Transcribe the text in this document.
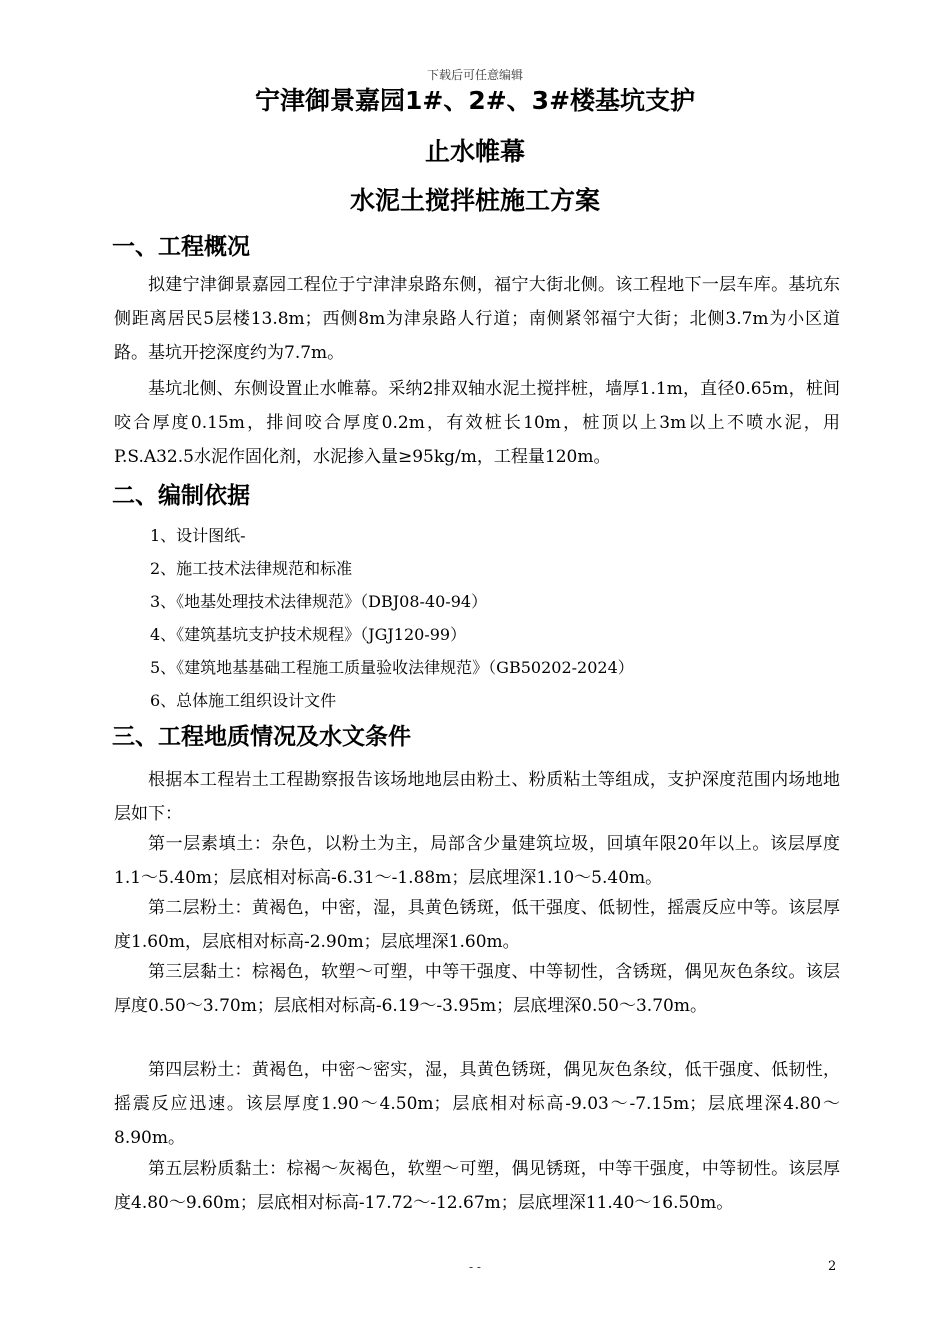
下载后可任意编辑
宁津御景嘉园1#、2#、3#楼基坑支护
止水帷幕
水泥土搅拌桩施工方案
一、工程概况

拟建宁津御景嘉园工程位于宁津津泉路东侧，福宁大街北侧。该工程地下一层车库。基坑东侧距离居民5层楼13.8m；西侧8m为津泉路人行道；南侧紧邻福宁大街；北侧3.7m为小区道路。基坑开挖深度约为7.7m。

基坑北侧、东侧设置止水帷幕。采纳2排双轴水泥土搅拌桩，墙厚1.1m，直径0.65m，桩间咬合厚度0.15m，排间咬合厚度0.2m，有效桩长10m，桩顶以上3m以上不喷水泥，用P.S.A32.5水泥作固化剂，水泥掺入量≥95kg/m，工程量120m。

二、编制依据
1、设计图纸-
2、施工技术法律规范和标准
3、《地基处理技术法律规范》（DBJ08-40-94）
4、《建筑基坑支护技术规程》（JGJ120-99）
5、《建筑地基基础工程施工质量验收法律规范》（GB50202-2024）
6、总体施工组织设计文件
三、工程地质情况及水文条件

根据本工程岩土工程勘察报告该场地地层由粉土、粉质粘土等组成，支护深度范围内场地地层如下：

第一层素填土：杂色，以粉土为主，局部含少量建筑垃圾，回填年限20年以上。该层厚度1.1～5.40m；层底相对标高-6.31～-1.88m；层底埋深1.10～5.40m。

第二层粉土：黄褐色，中密，湿，具黄色锈斑，低干强度、低韧性，摇震反应中等。该层厚度1.60m，层底相对标高-2.90m；层底埋深1.60m。

第三层黏土：棕褐色，软塑～可塑，中等干强度、中等韧性，含锈斑，偶见灰色条纹。该层厚度0.50～3.70m；层底相对标高-6.19～-3.95m；层底埋深0.50～3.70m。

第四层粉土：黄褐色，中密～密实，湿，具黄色锈斑，偶见灰色条纹，低干强度、低韧性，摇震反应迅速。该层厚度1.90～4.50m；层底相对标高-9.03～-7.15m；层底埋深4.80～8.90m。

第五层粉质黏土：棕褐～灰褐色，软塑～可塑，偶见锈斑，中等干强度，中等韧性。该层厚度4.80～9.60m；层底相对标高-17.72～-12.67m；层底埋深11.40～16.50m。

- -	2
